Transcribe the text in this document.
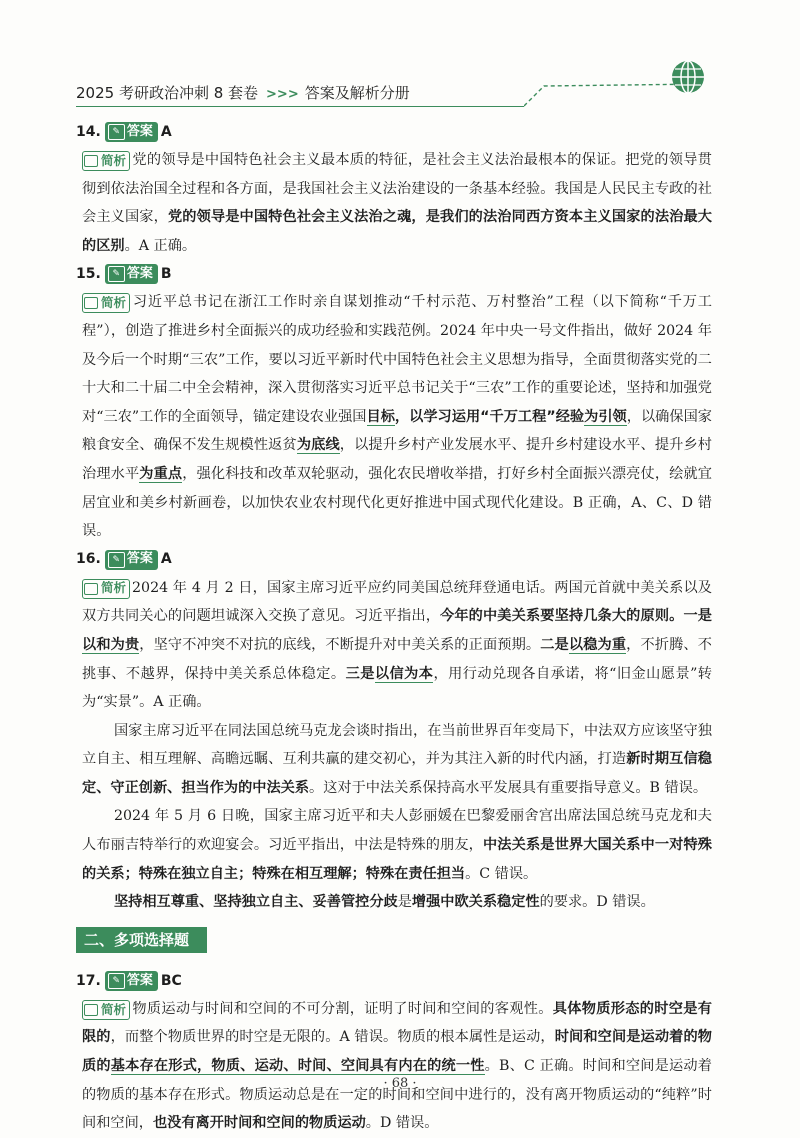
2025 考研政治冲刺 8 套卷 >>> 答案及解析分册
14.	✎ 答案 A

简析 党的领导是中国特色社会主义最本质的特征，是社会主义法治最根本的保证。把党的领导贯彻到依法治国全过程和各方面，是我国社会主义法治建设的一条基本经验。我国是人民民主专政的社会主义国家，党的领导是中国特色社会主义法治之魂，是我们的法治同西方资本主义国家的法治最大的区别。A 正确。

15.	✎ 答案 B

简析 习近平总书记在浙江工作时亲自谋划推动“千村示范、万村整治”工程（以下简称“千万工程”），创造了推进乡村全面振兴的成功经验和实践范例。2024 年中央一号文件指出，做好 2024 年及今后一个时期“三农”工作，要以习近平新时代中国特色社会主义思想为指导，全面贯彻落实党的二十大和二十届二中全会精神，深入贯彻落实习近平总书记关于“三农”工作的重要论述，坚持和加强党对“三农”工作的全面领导，锚定建设农业强国目标，以学习运用“千万工程”经验为引领，以确保国家粮食安全、确保不发生规模性返贫为底线，以提升乡村产业发展水平、提升乡村建设水平、提升乡村治理水平为重点，强化科技和改革双轮驱动，强化农民增收举措，打好乡村全面振兴漂亮仗，绘就宜居宜业和美乡村新画卷，以加快农业农村现代化更好推进中国式现代化建设。B 正确，A、C、D 错误。

16.	✎ 答案 A

简析 2024 年 4 月 2 日，国家主席习近平应约同美国总统拜登通电话。两国元首就中美关系以及双方共同关心的问题坦诚深入交换了意见。习近平指出，今年的中美关系要坚持几条大的原则。一是以和为贵，坚守不冲突不对抗的底线，不断提升对中美关系的正面预期。二是以稳为重，不折腾、不挑事、不越界，保持中美关系总体稳定。三是以信为本，用行动兑现各自承诺，将“旧金山愿景”转为“实景”。A 正确。

国家主席习近平在同法国总统马克龙会谈时指出，在当前世界百年变局下，中法双方应该坚守独立自主、相互理解、高瞻远瞩、互利共赢的建交初心，并为其注入新的时代内涵，打造新时期互信稳定、守正创新、担当作为的中法关系。这对于中法关系保持高水平发展具有重要指导意义。B 错误。

2024 年 5 月 6 日晚，国家主席习近平和夫人彭丽媛在巴黎爱丽舍宫出席法国总统马克龙和夫人布丽吉特举行的欢迎宴会。习近平指出，中法是特殊的朋友，中法关系是世界大国关系中一对特殊的关系；特殊在独立自主；特殊在相互理解；特殊在责任担当。C 错误。

坚持相互尊重、坚持独立自主、妥善管控分歧是增强中欧关系稳定性的要求。D 错误。

二、多项选择题
17.	✎ 答案 BC

简析 物质运动与时间和空间的不可分割，证明了时间和空间的客观性。具体物质形态的时空是有限的，而整个物质世界的时空是无限的。A 错误。物质的根本属性是运动，时间和空间是运动着的物质的基本存在形式，物质、运动、时间、空间具有内在的统一性。B、C 正确。时间和空间是运动着的物质的基本存在形式。物质运动总是在一定的时间和空间中进行的，没有离开物质运动的“纯粹”时间和空间，也没有离开时间和空间的物质运动。D 错误。

· 68 ·
